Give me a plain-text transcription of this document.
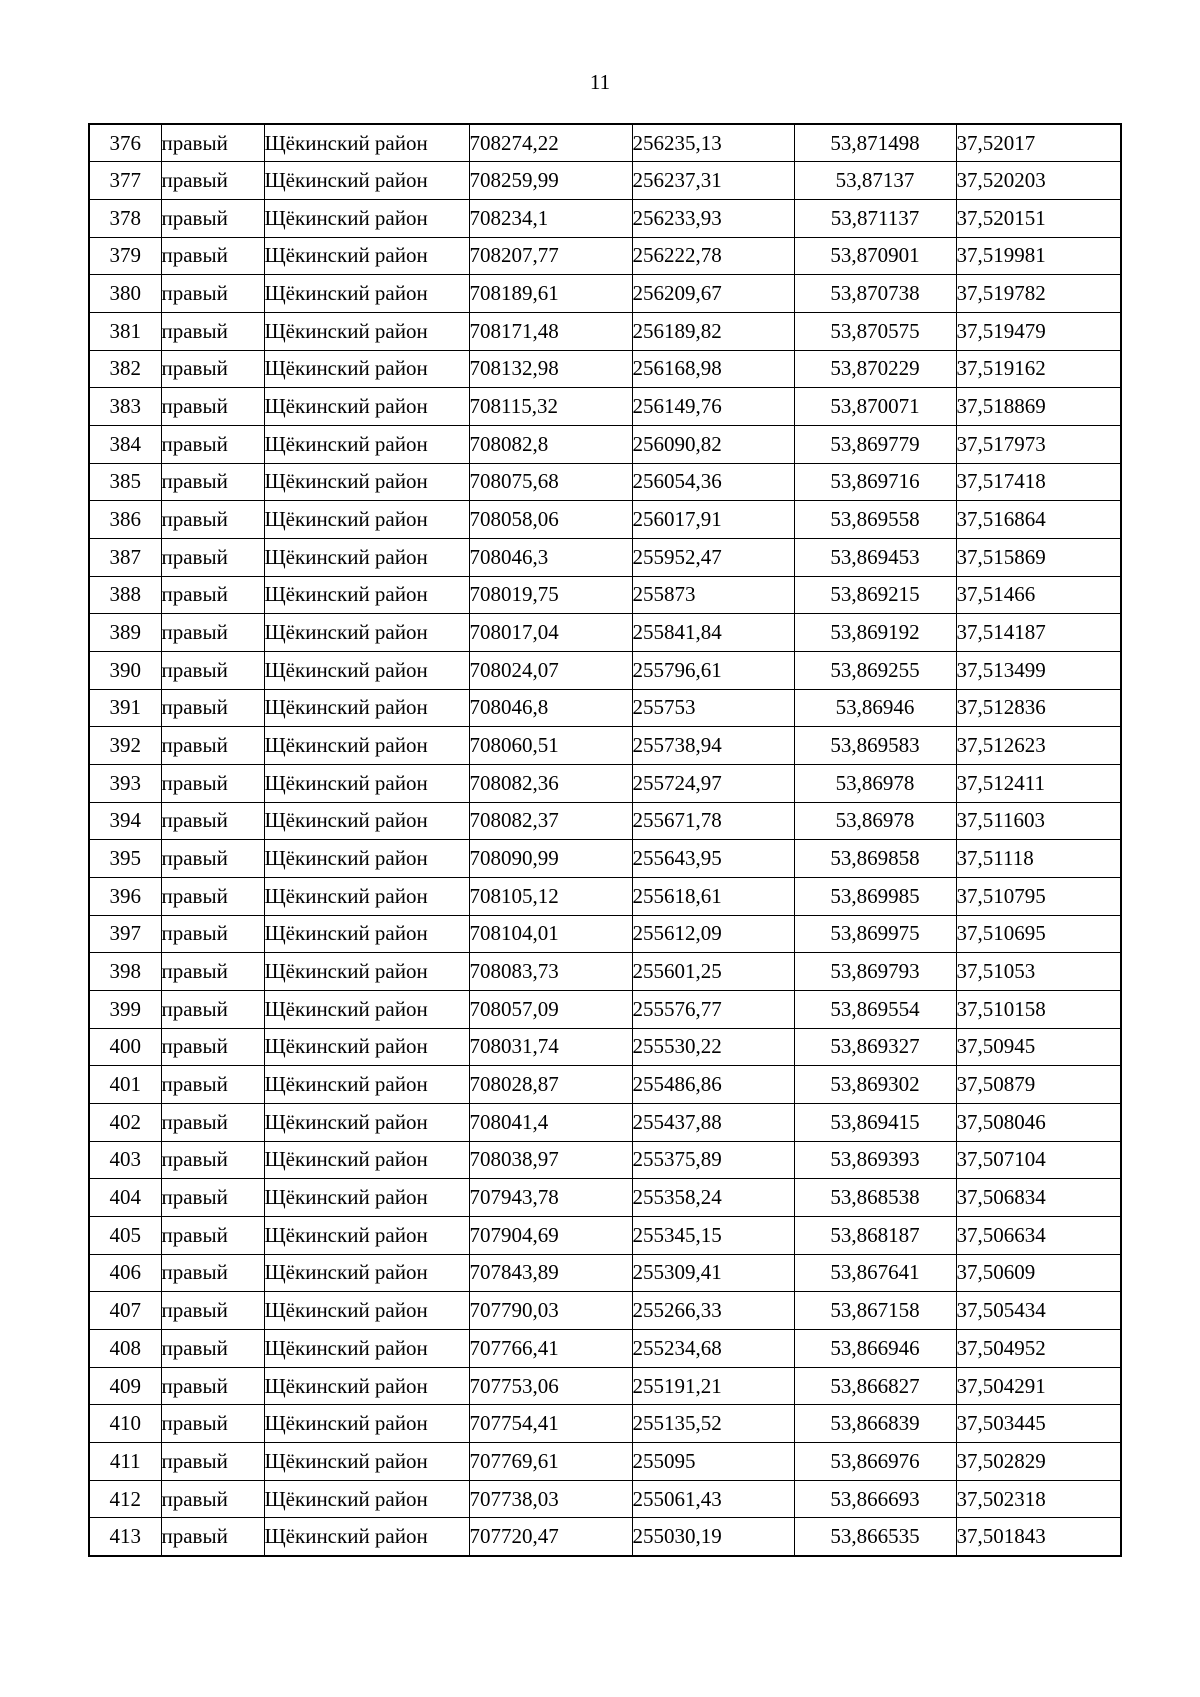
11
376	правый	Щёкинский район	708274,22	256235,13	53,871498	37,52017
377	правый	Щёкинский район	708259,99	256237,31	53,87137	37,520203
378	правый	Щёкинский район	708234,1	256233,93	53,871137	37,520151
379	правый	Щёкинский район	708207,77	256222,78	53,870901	37,519981
380	правый	Щёкинский район	708189,61	256209,67	53,870738	37,519782
381	правый	Щёкинский район	708171,48	256189,82	53,870575	37,519479
382	правый	Щёкинский район	708132,98	256168,98	53,870229	37,519162
383	правый	Щёкинский район	708115,32	256149,76	53,870071	37,518869
384	правый	Щёкинский район	708082,8	256090,82	53,869779	37,517973
385	правый	Щёкинский район	708075,68	256054,36	53,869716	37,517418
386	правый	Щёкинский район	708058,06	256017,91	53,869558	37,516864
387	правый	Щёкинский район	708046,3	255952,47	53,869453	37,515869
388	правый	Щёкинский район	708019,75	255873	53,869215	37,51466
389	правый	Щёкинский район	708017,04	255841,84	53,869192	37,514187
390	правый	Щёкинский район	708024,07	255796,61	53,869255	37,513499
391	правый	Щёкинский район	708046,8	255753	53,86946	37,512836
392	правый	Щёкинский район	708060,51	255738,94	53,869583	37,512623
393	правый	Щёкинский район	708082,36	255724,97	53,86978	37,512411
394	правый	Щёкинский район	708082,37	255671,78	53,86978	37,511603
395	правый	Щёкинский район	708090,99	255643,95	53,869858	37,51118
396	правый	Щёкинский район	708105,12	255618,61	53,869985	37,510795
397	правый	Щёкинский район	708104,01	255612,09	53,869975	37,510695
398	правый	Щёкинский район	708083,73	255601,25	53,869793	37,51053
399	правый	Щёкинский район	708057,09	255576,77	53,869554	37,510158
400	правый	Щёкинский район	708031,74	255530,22	53,869327	37,50945
401	правый	Щёкинский район	708028,87	255486,86	53,869302	37,50879
402	правый	Щёкинский район	708041,4	255437,88	53,869415	37,508046
403	правый	Щёкинский район	708038,97	255375,89	53,869393	37,507104
404	правый	Щёкинский район	707943,78	255358,24	53,868538	37,506834
405	правый	Щёкинский район	707904,69	255345,15	53,868187	37,506634
406	правый	Щёкинский район	707843,89	255309,41	53,867641	37,50609
407	правый	Щёкинский район	707790,03	255266,33	53,867158	37,505434
408	правый	Щёкинский район	707766,41	255234,68	53,866946	37,504952
409	правый	Щёкинский район	707753,06	255191,21	53,866827	37,504291
410	правый	Щёкинский район	707754,41	255135,52	53,866839	37,503445
411	правый	Щёкинский район	707769,61	255095	53,866976	37,502829
412	правый	Щёкинский район	707738,03	255061,43	53,866693	37,502318
413	правый	Щёкинский район	707720,47	255030,19	53,866535	37,501843
